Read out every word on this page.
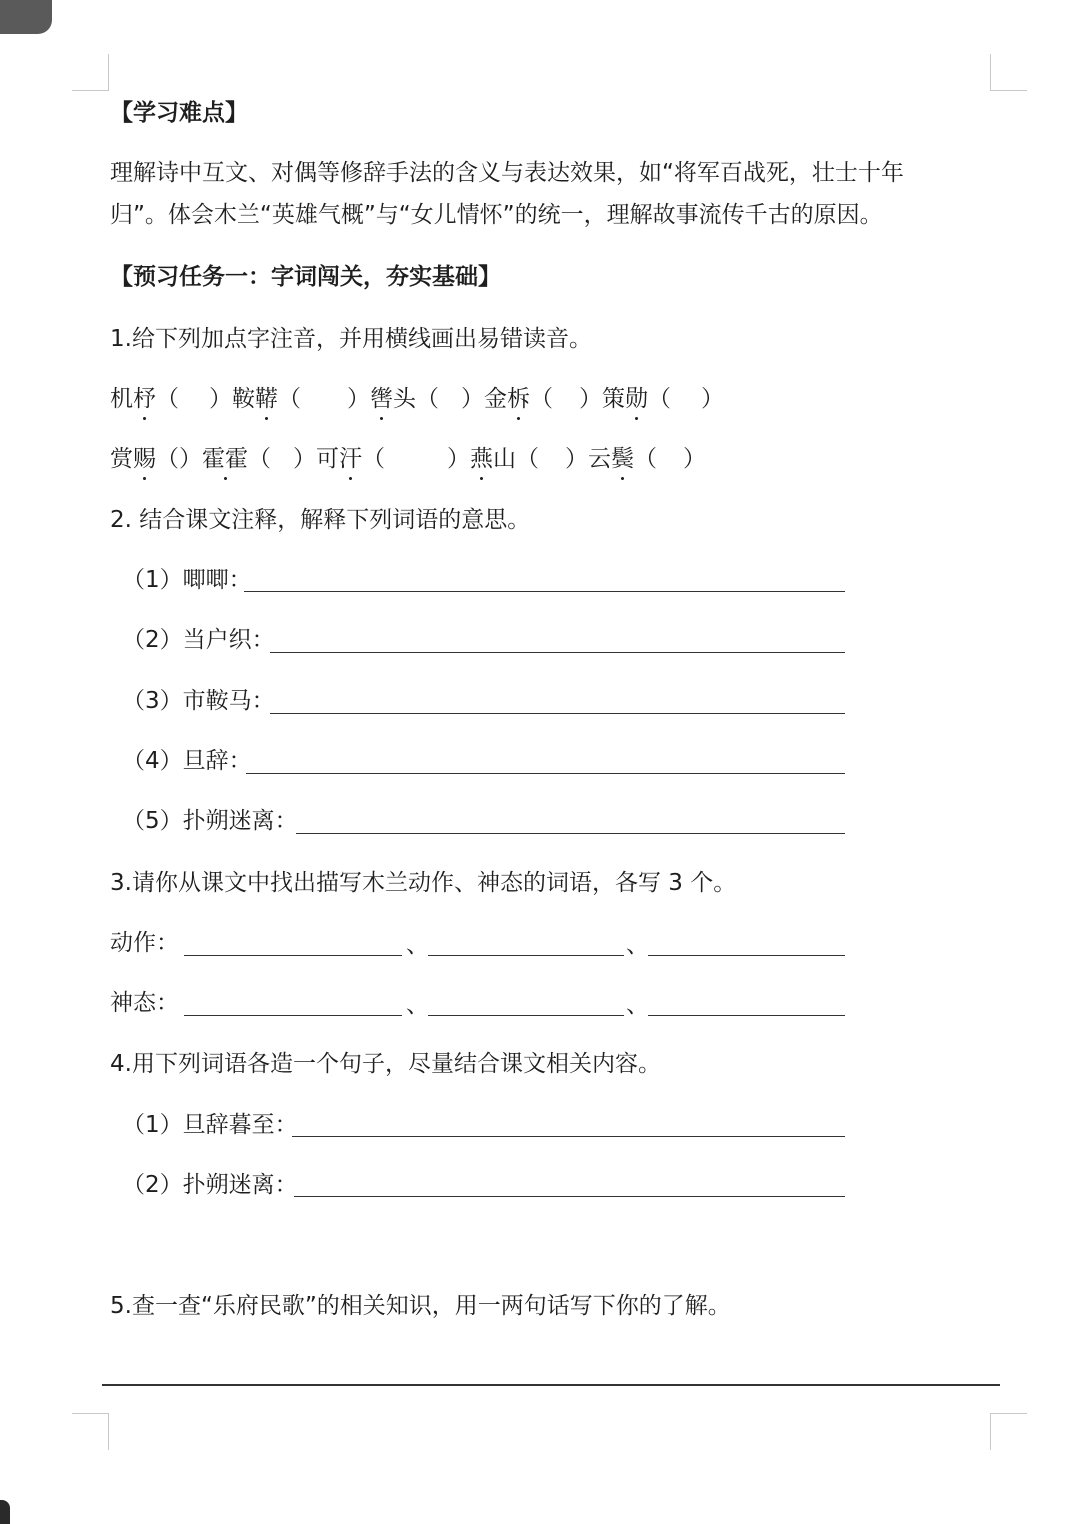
【学习难点】
理解诗中互文、对偶等修辞手法的含义与表达效果，如“将军百战死，壮士十年
归”。体会木兰“英雄气概”与“女儿情怀”的统一，理解故事流传千古的原因。
【预习任务一：字词闯关，夯实基础】
1.给下列加点字注音，并用横线画出易错读音。
机杼（ ）鞍鞯（ ）辔头（ ）金柝（ ）策勋（ ）
赏赐（）霍霍（ ）可汗（	）燕山（ ）云鬓（ ）
2. 结合课文注释，解释下列词语的意思。
（1）唧唧：
（2）当户织：
（3）市鞍马：
（4）旦辞：
（5）扑朔迷离：
3.请你从课文中找出描写木兰动作、神态的词语，各写 3 个。
动作：	、	、
神态：	、	、
4.用下列词语各造一个句子，尽量结合课文相关内容。
（1）旦辞暮至：
（2）扑朔迷离：
5.查一查“乐府民歌”的相关知识，用一两句话写下你的了解。
